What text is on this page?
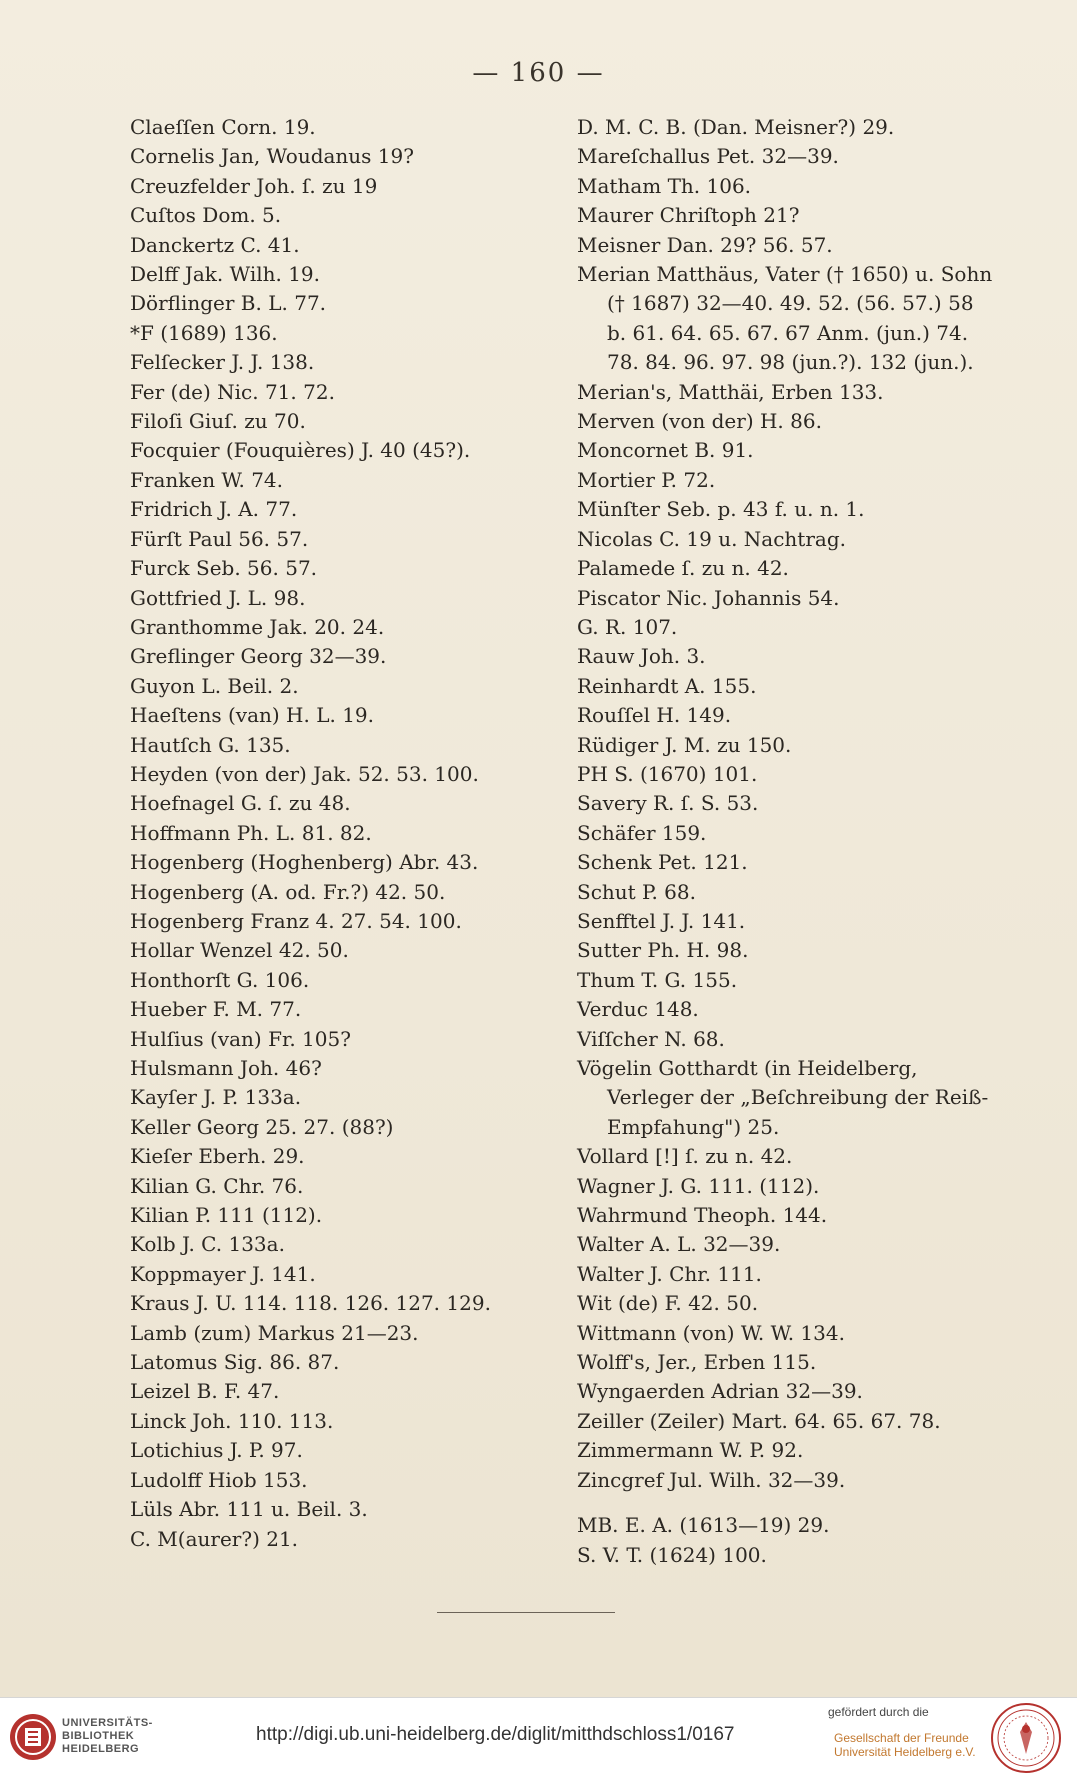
— 160 —
Claeſſen Corn. 19.
Cornelis Jan, Woudanus 19?
Creuzfelder Joh. ſ. zu 19
Cuſtos Dom. 5.
Danckertz C. 41.
Delff Jak. Wilh. 19.
Dörflinger B. L. 77.
*F (1689) 136.
Felſecker J. J. 138.
Fer (de) Nic. 71. 72.
Filoſi Giuſ. zu 70.
Focquier (Fouquières) J. 40 (45?).
Franken W. 74.
Fridrich J. A. 77.
Fürſt Paul 56. 57.
Furck Seb. 56. 57.
Gottfried J. L. 98.
Granthomme Jak. 20. 24.
Greflinger Georg 32—39.
Guyon L. Beil. 2.
Haeſtens (van) H. L. 19.
Hautſch G. 135.
Heyden (von der) Jak. 52. 53. 100.
Hoefnagel G. ſ. zu 48.
Hoffmann Ph. L. 81. 82.
Hogenberg (Hoghenberg) Abr. 43.
Hogenberg (A. od. Fr.?) 42. 50.
Hogenberg Franz 4. 27. 54. 100.
Hollar Wenzel 42. 50.
Honthorſt G. 106.
Hueber F. M. 77.
Hulſius (van) Fr. 105?
Hulsmann Joh. 46?
Kayſer J. P. 133a.
Keller Georg 25. 27. (88?)
Kieſer Eberh. 29.
Kilian G. Chr. 76.
Kilian P. 111 (112).
Kolb J. C. 133a.
Koppmayer J. 141.
Kraus J. U. 114. 118. 126. 127. 129.
Lamb (zum) Markus 21—23.
Latomus Sig. 86. 87.
Leizel B. F. 47.
Linck Joh. 110. 113.
Lotichius J. P. 97.
Ludolff Hiob 153.
Lüls Abr. 111 u. Beil. 3.
C. M(aurer?) 21.
D. M. C. B. (Dan. Meisner?) 29.
Mareſchallus Pet. 32—39.
Matham Th. 106.
Maurer Chriſtoph 21?
Meisner Dan. 29? 56. 57.
Merian Matthäus, Vater († 1650) u. Sohn († 1687) 32—40. 49. 52. (56. 57.) 58 b. 61. 64. 65. 67. 67 Anm. (jun.) 74. 78. 84. 96. 97. 98 (jun.?). 132 (jun.).
Merian's, Matthäi, Erben 133.
Merven (von der) H. 86.
Moncornet B. 91.
Mortier P. 72.
Münſter Seb. p. 43 f. u. n. 1.
Nicolas C. 19 u. Nachtrag.
Palamede ſ. zu n. 42.
Piscator Nic. Johannis 54.
G. R. 107.
Rauw Joh. 3.
Reinhardt A. 155.
Rouſſel H. 149.
Rüdiger J. M. zu 150.
PH S. (1670) 101.
Savery R. ſ. S. 53.
Schäfer 159.
Schenk Pet. 121.
Schut P. 68.
Senfftel J. J. 141.
Sutter Ph. H. 98.
Thum T. G. 155.
Verduc 148.
Viſſcher N. 68.
Vögelin Gotthardt (in Heidelberg, Verleger der „Beſchreibung der Reiß-Empfahung") 25.
Vollard [!] ſ. zu n. 42.
Wagner J. G. 111. (112).
Wahrmund Theoph. 144.
Walter A. L. 32—39.
Walter J. Chr. 111.
Wit (de) F. 42. 50.
Wittmann (von) W. W. 134.
Wolff's, Jer., Erben 115.
Wyngaerden Adrian 32—39.
Zeiller (Zeiler) Mart. 64. 65. 67. 78.
Zimmermann W. P. 92.
Zincgref Jul. Wilh. 32—39.
MB. E. A. (1613—19) 29.
S. V. T. (1624) 100.
UNIVERSITÄTS-
BIBLIOTHEK
HEIDELBERG
http://digi.ub.uni-heidelberg.de/diglit/mitthdschloss1/0167
gefördert durch die
Gesellschaft der Freunde
Universität Heidelberg e.V.
